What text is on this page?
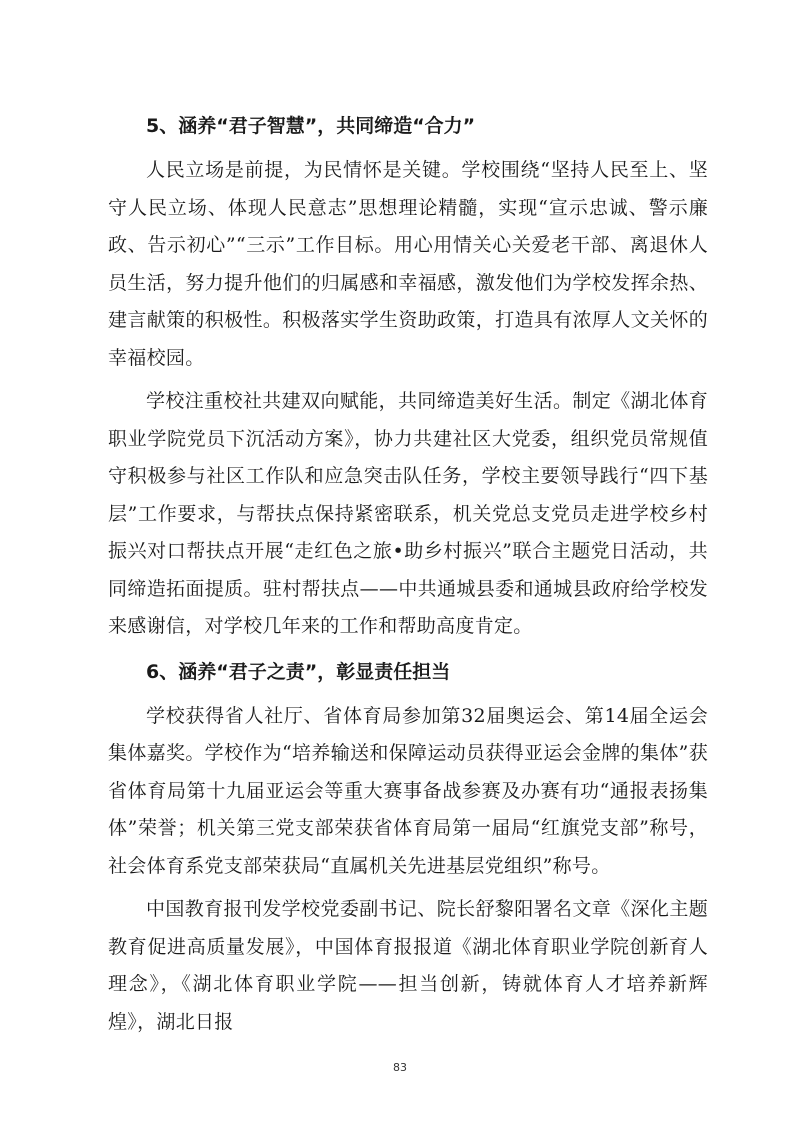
5、涵养“君子智慧”，共同缔造“合力”

人民立场是前提，为民情怀是关键。学校围绕“坚持人民至上、坚守人民立场、体现人民意志”思想理论精髓，实现“宣示忠诚、警示廉政、告示初心”“三示”工作目标。用心用情关心关爱老干部、离退休人员生活，努力提升他们的归属感和幸福感，激发他们为学校发挥余热、建言献策的积极性。积极落实学生资助政策，打造具有浓厚人文关怀的幸福校园。

学校注重校社共建双向赋能，共同缔造美好生活。制定《湖北体育职业学院党员下沉活动方案》，协力共建社区大党委，组织党员常规值守积极参与社区工作队和应急突击队任务，学校主要领导践行“四下基层”工作要求，与帮扶点保持紧密联系，机关党总支党员走进学校乡村振兴对口帮扶点开展“走红色之旅•助乡村振兴”联合主题党日活动，共同缔造拓面提质。驻村帮扶点——中共通城县委和通城县政府给学校发来感谢信，对学校几年来的工作和帮助高度肯定。

6、涵养“君子之责”，彰显责任担当

学校获得省人社厅、省体育局参加第32届奥运会、第14届全运会集体嘉奖。学校作为“培养输送和保障运动员获得亚运会金牌的集体”获省体育局第十九届亚运会等重大赛事备战参赛及办赛有功“通报表扬集体”荣誉；机关第三党支部荣获省体育局第一届局“红旗党支部”称号，社会体育系党支部荣获局“直属机关先进基层党组织”称号。

中国教育报刊发学校党委副书记、院长舒黎阳署名文章《深化主题教育促进高质量发展》，中国体育报报道《湖北体育职业学院创新育人理念》，《湖北体育职业学院——担当创新，铸就体育人才培养新辉煌》，湖北日报

83
